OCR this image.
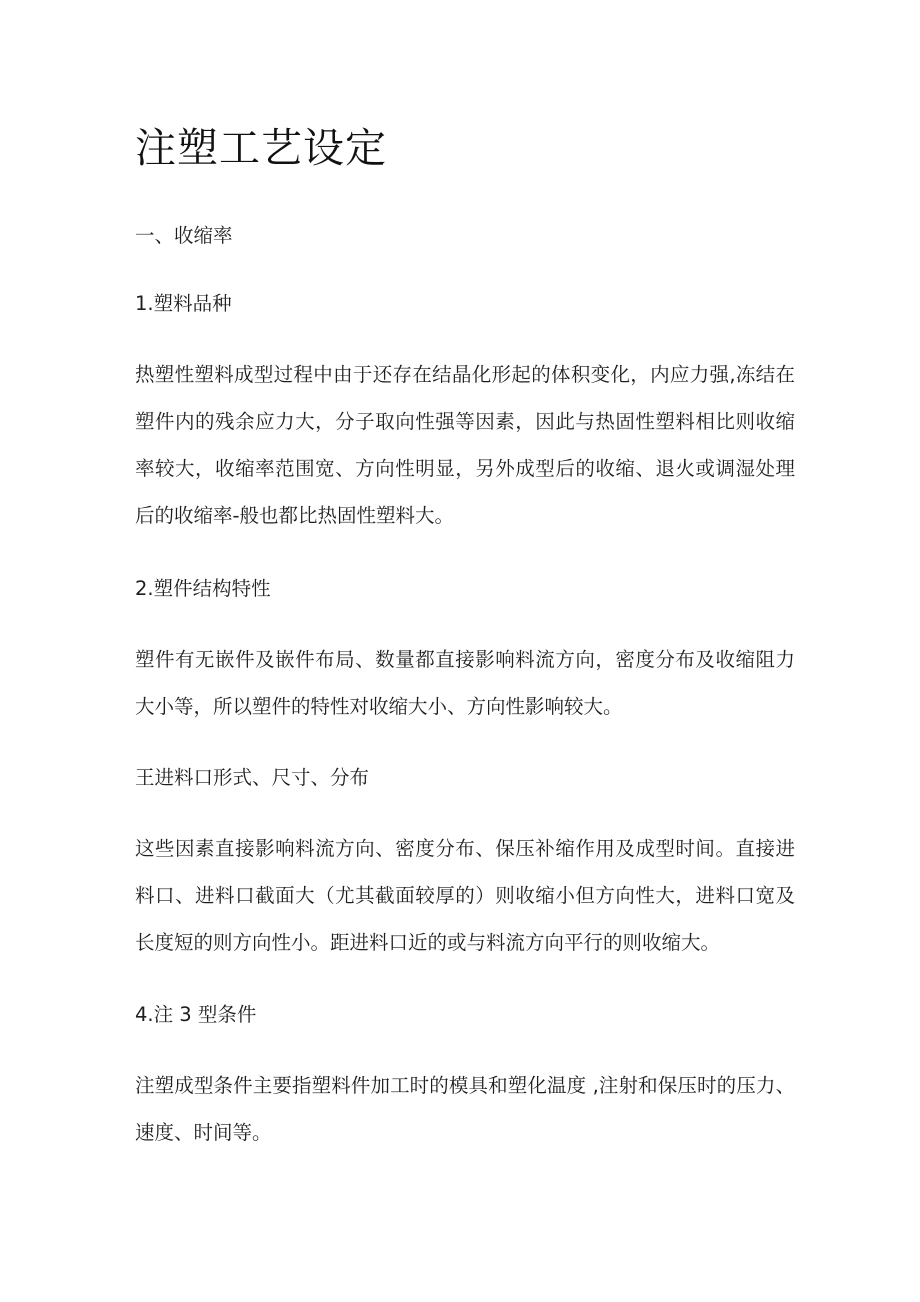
注塑工艺设定
一、收缩率
1.塑料品种

热塑性塑料成型过程中由于还存在结晶化形起的体积变化，内应力强,冻结在塑件内的残余应力大，分子取向性强等因素，因此与热固性塑料相比则收缩率较大，收缩率范围宽、方向性明显，另外成型后的收缩、退火或调湿处理后的收缩率-般也都比热固性塑料大。

2.塑件结构特性

塑件有无嵌件及嵌件布局、数量都直接影响料流方向，密度分布及收缩阻力大小等，所以塑件的特性对收缩大小、方向性影响较大。

王进料口形式、尺寸、分布

这些因素直接影响料流方向、密度分布、保压补缩作用及成型时间。直接进料口、进料口截面大（尤其截面较厚的）则收缩小但方向性大，进料口宽及长度短的则方向性小。距进料口近的或与料流方向平行的则收缩大。

4.注 3 型条件

注塑成型条件主要指塑料件加工时的模具和塑化温度 ,注射和保压时的压力、速度、时间等。
